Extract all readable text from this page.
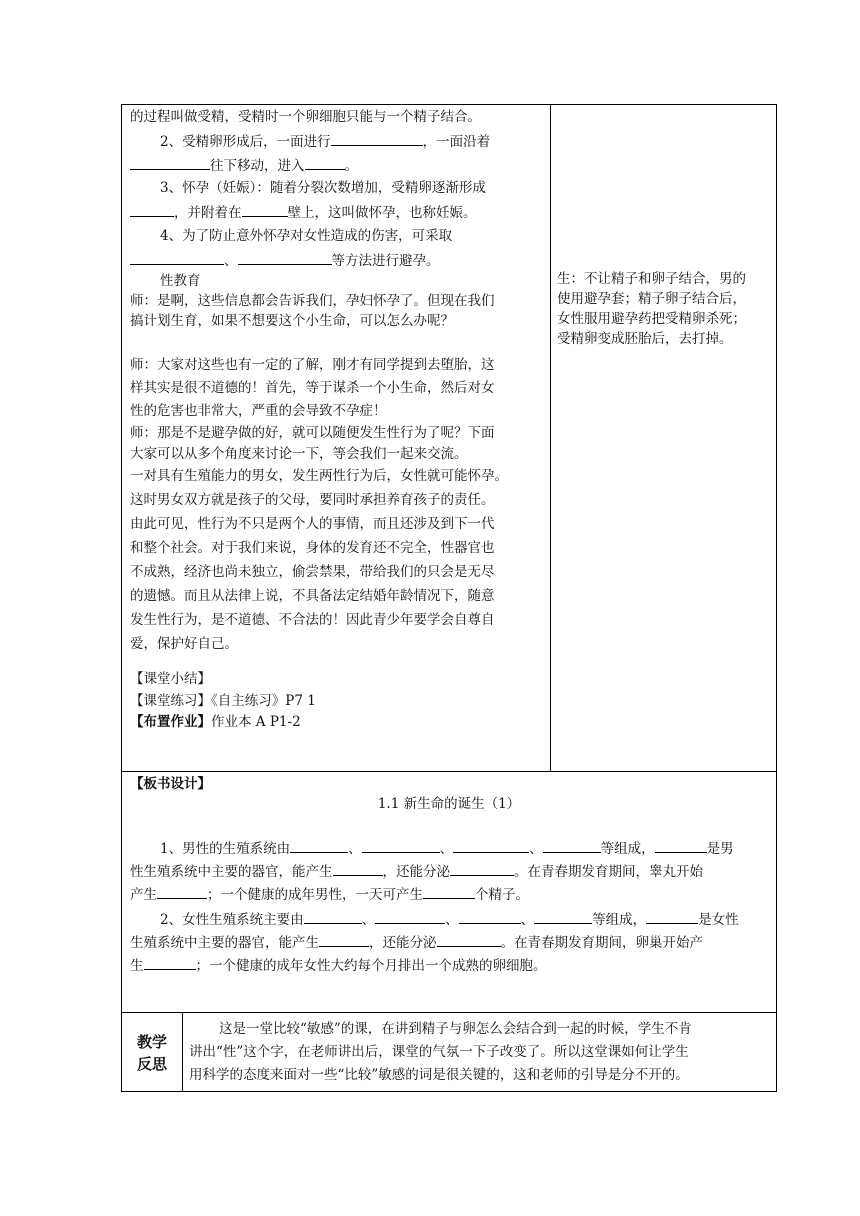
的过程叫做受精，受精时一个卵细胞只能与一个精子结合。
2、受精卵形成后，一面进行	，一面沿着
往下移动，进入	。
3、怀孕（妊娠）：随着分裂次数增加，受精卵逐渐形成
，并附着在	壁上，这叫做怀孕，也称妊娠。
4、为了防止意外怀孕对女性造成的伤害，可采取
、	等方法进行避孕。
性教育
师：是啊，这些信息都会告诉我们，孕妇怀孕了。但现在我们
搞计划生育，如果不想要这个小生命，可以怎么办呢？
师：大家对这些也有一定的了解，刚才有同学提到去堕胎，这
样其实是很不道德的！首先，等于谋杀一个小生命，然后对女
性的危害也非常大，严重的会导致不孕症！
师：那是不是避孕做的好，就可以随便发生性行为了呢？下面
大家可以从多个角度来讨论一下，等会我们一起来交流。
一对具有生殖能力的男女，发生两性行为后，女性就可能怀孕。
这时男女双方就是孩子的父母，要同时承担养育孩子的责任。
由此可见，性行为不只是两个人的事情，而且还涉及到下一代
和整个社会。对于我们来说，身体的发育还不完全，性器官也
不成熟，经济也尚未独立，偷尝禁果，带给我们的只会是无尽
的遗憾。而且从法律上说，不具备法定结婚年龄情况下，随意
发生性行为，是不道德、不合法的！因此青少年要学会自尊自
爱，保护好自己。
【课堂小结】
【课堂练习】《自主练习》P7 1
【布置作业】作业本 A P1-2
生：不让精子和卵子结合，男的
使用避孕套；精子卵子结合后，
女性服用避孕药把受精卵杀死；
受精卵变成胚胎后，去打掉。
【板书设计】
1.1 新生命的诞生（1）
1、男性的生殖系统由	、	、	、	等组成，	是男
性生殖系统中主要的器官，能产生	，还能分泌	。在青春期发育期间，睾丸开始
产生	；一个健康的成年男性，一天可产生	个精子。
2、女性生殖系统主要由	、	、	、	等组成，	是女性
生殖系统中主要的器官，能产生	，还能分泌	。在青春期发育期间，卵巢开始产
生	；一个健康的成年女性大约每个月排出一个成熟的卵细胞。
教学
反思
这是一堂比较“敏感”的课，在讲到精子与卵怎么会结合到一起的时候，学生不肯
讲出“性”这个字，在老师讲出后，课堂的气氛一下子改变了。所以这堂课如何让学生
用科学的态度来面对一些“比较”敏感的词是很关键的，这和老师的引导是分不开的。
